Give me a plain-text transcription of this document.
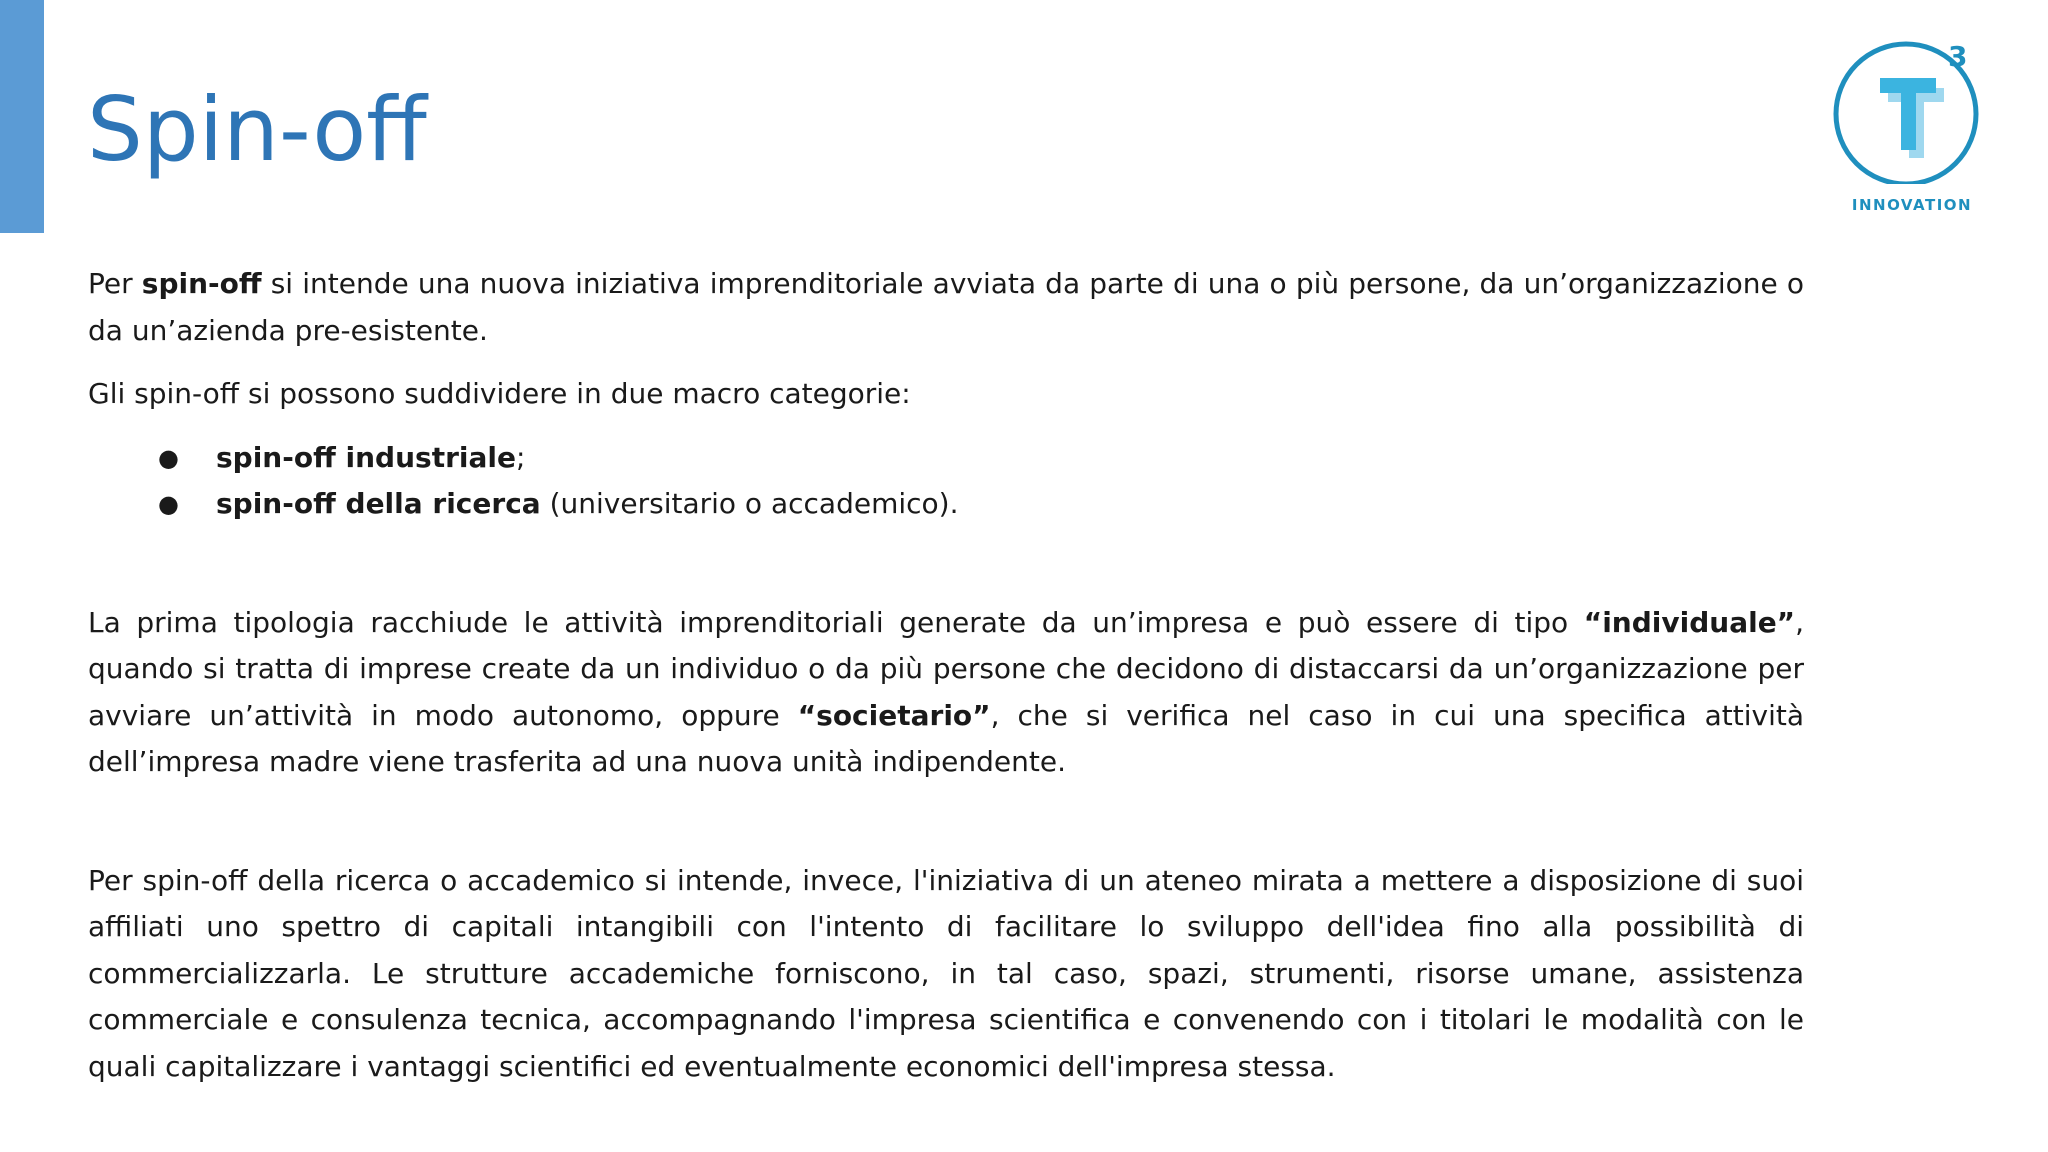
Spin-off
3
INNOVATION

Per spin-off si intende una nuova iniziativa imprenditoriale avviata da parte di una o più persone, da un’organizzazione o da un’azienda pre-esistente.

Gli spin-off si possono suddividere in due macro categorie:

● spin-off industriale;
● spin-off della ricerca (universitario o accademico).

La prima tipologia racchiude le attività imprenditoriali generate da un’impresa e può essere di tipo “individuale”, quando si tratta di imprese create da un individuo o da più persone che decidono di distaccarsi da un’organizzazione per avviare un’attività in modo autonomo, oppure “societario”, che si verifica nel caso in cui una specifica attività dell’impresa madre viene trasferita ad una nuova unità indipendente.

Per spin-off della ricerca o accademico si intende, invece, l'iniziativa di un ateneo mirata a mettere a disposizione di suoi affiliati uno spettro di capitali intangibili con l'intento di facilitare lo sviluppo dell'idea fino alla possibilità di commercializzarla. Le strutture accademiche forniscono, in tal caso, spazi, strumenti, risorse umane, assistenza commerciale e consulenza tecnica, accompagnando l'impresa scientifica e convenendo con i titolari le modalità con le quali capitalizzare i vantaggi scientifici ed eventualmente economici dell'impresa stessa.
